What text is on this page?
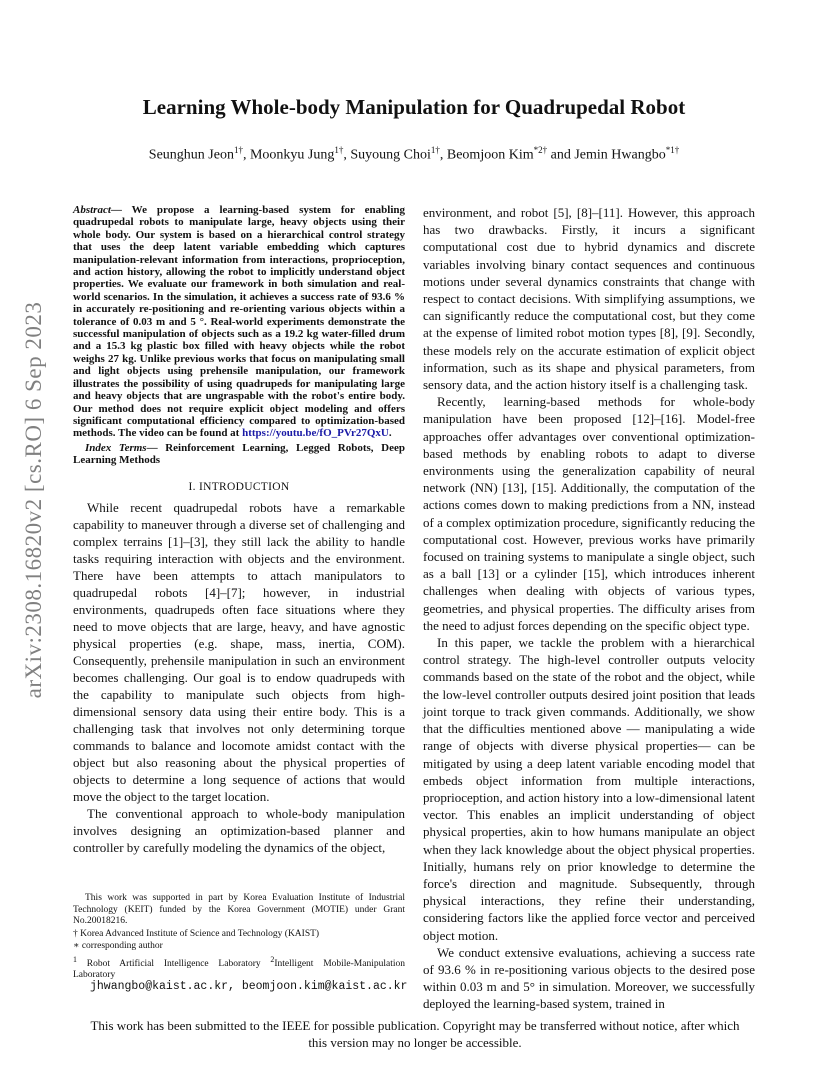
arXiv:2308.16820v2 [cs.RO] 6 Sep 2023
Learning Whole-body Manipulation for Quadrupedal Robot
Seunghun Jeon$^{1\dagger}$, Moonkyu Jung$^{1\dagger}$, Suyoung Choi$^{1\dagger}$, Beomjoon Kim$^{*2\dagger}$ and Jemin Hwangbo$^{*1\dagger}$

Abstract— We propose a learning-based system for enabling quadrupedal robots to manipulate large, heavy objects using their whole body. Our system is based on a hierarchical control strategy that uses the deep latent variable embedding which captures manipulation-relevant information from interactions, proprioception, and action history, allowing the robot to implicitly understand object properties. We evaluate our framework in both simulation and real-world scenarios. In the simulation, it achieves a success rate of 93.6 % in accurately re-positioning and re-orienting various objects within a tolerance of 0.03 m and 5 °. Real-world experiments demonstrate the successful manipulation of objects such as a 19.2 kg water-filled drum and a 15.3 kg plastic box filled with heavy objects while the robot weighs 27 kg. Unlike previous works that focus on manipulating small and light objects using prehensile manipulation, our framework illustrates the possibility of using quadrupeds for manipulating large and heavy objects that are ungraspable with the robot's entire body. Our method does not require explicit object modeling and offers significant computational efficiency compared to optimization-based methods. The video can be found at https://youtu.be/fO_PVr27QxU.

Index Terms— Reinforcement Learning, Legged Robots, Deep Learning Methods

I. INTRODUCTION

While recent quadrupedal robots have a remarkable capability to maneuver through a diverse set of challenging and complex terrains [1]–[3], they still lack the ability to handle tasks requiring interaction with objects and the environment. There have been attempts to attach manipulators to quadrupedal robots [4]–[7]; however, in industrial environments, quadrupeds often face situations where they need to move objects that are large, heavy, and have agnostic physical properties (e.g. shape, mass, inertia, COM). Consequently, prehensile manipulation in such an environment becomes challenging. Our goal is to endow quadrupeds with the capability to manipulate such objects from high-dimensional sensory data using their entire body. This is a challenging task that involves not only determining torque commands to balance and locomote amidst contact with the object but also reasoning about the physical properties of objects to determine a long sequence of actions that would move the object to the target location.

The conventional approach to whole-body manipulation involves designing an optimization-based planner and controller by carefully modeling the dynamics of the object,

environment, and robot [5], [8]–[11]. However, this approach has two drawbacks. Firstly, it incurs a significant computational cost due to hybrid dynamics and discrete variables involving binary contact sequences and continuous motions under several dynamics constraints that change with respect to contact decisions. With simplifying assumptions, we can significantly reduce the computational cost, but they come at the expense of limited robot motion types [8], [9]. Secondly, these models rely on the accurate estimation of explicit object information, such as its shape and physical parameters, from sensory data, and the action history itself is a challenging task.

Recently, learning-based methods for whole-body manipulation have been proposed [12]–[16]. Model-free approaches offer advantages over conventional optimization-based methods by enabling robots to adapt to diverse environments using the generalization capability of neural network (NN) [13], [15]. Additionally, the computation of the actions comes down to making predictions from a NN, instead of a complex optimization procedure, significantly reducing the computational cost. However, previous works have primarily focused on training systems to manipulate a single object, such as a ball [13] or a cylinder [15], which introduces inherent challenges when dealing with objects of various types, geometries, and physical properties. The difficulty arises from the need to adjust forces depending on the specific object type.

In this paper, we tackle the problem with a hierarchical control strategy. The high-level controller outputs velocity commands based on the state of the robot and the object, while the low-level controller outputs desired joint position that leads joint torque to track given commands. Additionally, we show that the difficulties mentioned above — manipulating a wide range of objects with diverse physical properties— can be mitigated by using a deep latent variable encoding model that embeds object information from multiple interactions, proprioception, and action history into a low-dimensional latent vector. This enables an implicit understanding of object physical properties, akin to how humans manipulate an object when they lack knowledge about the object physical properties. Initially, humans rely on prior knowledge to determine the force's direction and magnitude. Subsequently, through physical interactions, they refine their understanding, considering factors like the applied force vector and perceived object motion.

We conduct extensive evaluations, achieving a success rate of 93.6 % in re-positioning various objects to the desired pose within 0.03 m and 5° in simulation. Moreover, we successfully deployed the learning-based system, trained in

This work was supported in part by Korea Evaluation Institute of Industrial Technology (KEIT) funded by the Korea Government (MOTIE) under Grant No.20018216.

† Korea Advanced Institute of Science and Technology (KAIST)

∗ corresponding author

$^1$ Robot Artificial Intelligence Laboratory $^2$Intelligent Mobile-Manipulation Laboratory

jhwangbo@kaist.ac.kr, beomjoon.kim@kaist.ac.kr
This work has been submitted to the IEEE for possible publication. Copyright may be transferred without notice, after which this version may no longer be accessible.
